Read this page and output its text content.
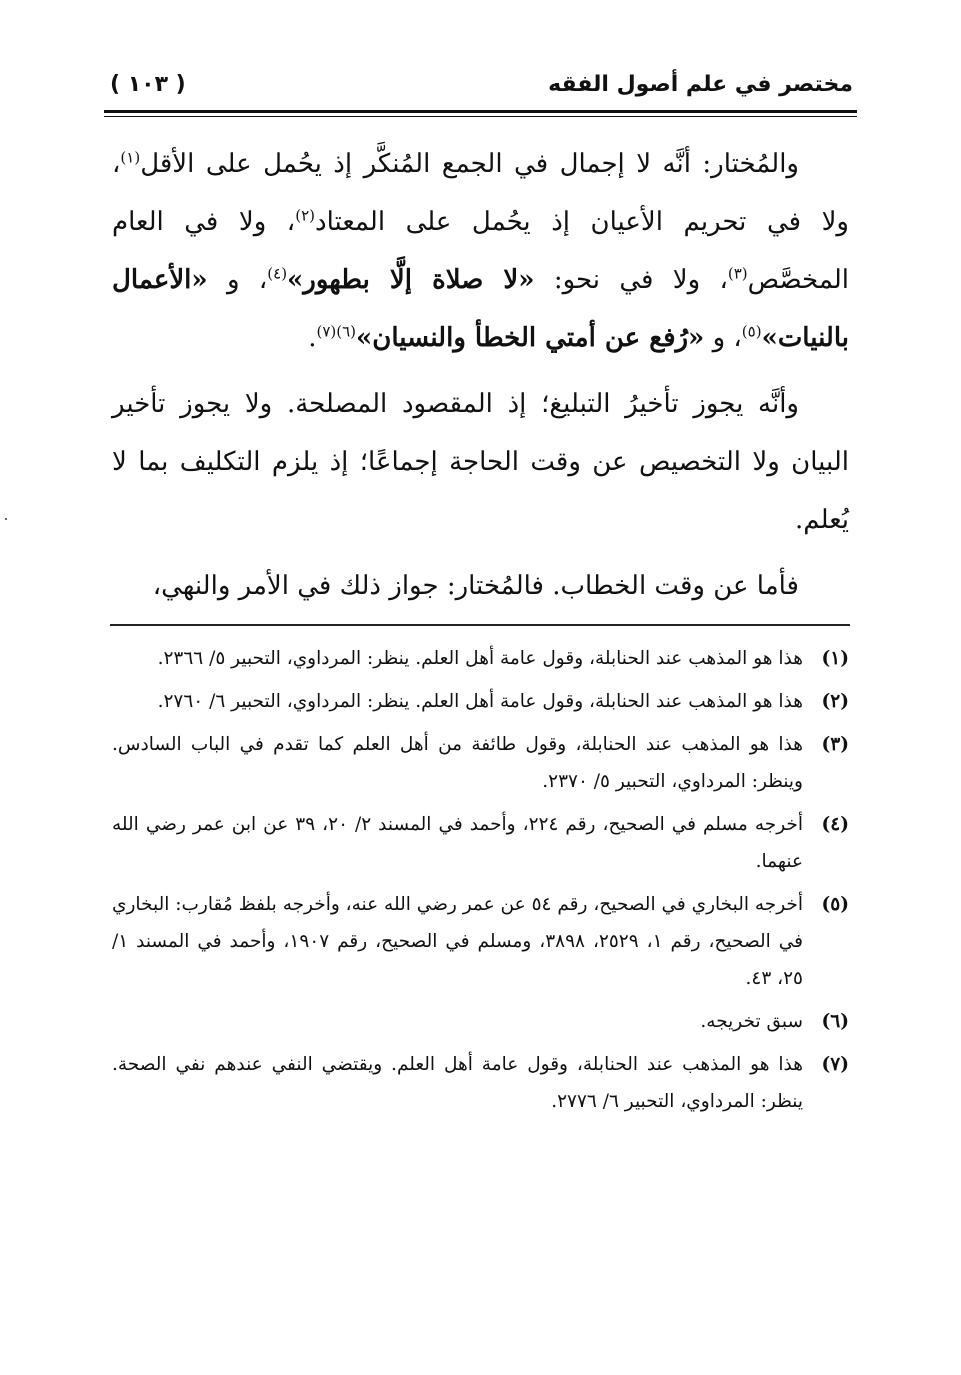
مختصر في علم أصول الفقه
( ١٠٣ )

والمُختار: أنَّه لا إجمال في الجمع المُنكَّر إذ يحُمل على الأقل$^{(١)}$، ولا في تحريم الأعيان إذ يحُمل على المعتاد$^{(٢)}$، ولا في العام المخصَّص$^{(٣)}$، ولا في نحو: «لا صلاة إلَّا بطهور»$^{(٤)}$، و «الأعمال بالنيات»$^{(٥)}$، و «رُفع عن أمتي الخطأ والنسيان»$^{(٦)(٧)}$.

وأنَّه يجوز تأخيرُ التبليغ؛ إذ المقصود المصلحة. ولا يجوز تأخير البيان ولا التخصيص عن وقت الحاجة إجماعًا؛ إذ يلزم التكليف بما لا يُعلم.

فأما عن وقت الخطاب. فالمُختار: جواز ذلك في الأمر والنهي،

(١)
هذا هو المذهب عند الحنابلة، وقول عامة أهل العلم. ينظر: المرداوي، التحبير ٥/ ٢٣٦٦.
(٢)
هذا هو المذهب عند الحنابلة، وقول عامة أهل العلم. ينظر: المرداوي، التحبير ٦/ ٢٧٦٠.
(٣)
هذا هو المذهب عند الحنابلة، وقول طائفة من أهل العلم كما تقدم في الباب السادس. وينظر: المرداوي، التحبير ٥/ ٢٣٧٠.
(٤)
أخرجه مسلم في الصحيح، رقم ٢٢٤، وأحمد في المسند ٢/ ٢٠، ٣٩ عن ابن عمر رضي الله عنهما.
(٥)
أخرجه البخاري في الصحيح، رقم ٥٤ عن عمر رضي الله عنه، وأخرجه بلفظ مُقارب: البخاري في الصحيح، رقم ١، ٢٥٢٩، ٣٨٩٨، ومسلم في الصحيح، رقم ١٩٠٧، وأحمد في المسند ١/ ٢٥، ٤٣.
(٦)
سبق تخريجه.
(٧)
هذا هو المذهب عند الحنابلة، وقول عامة أهل العلم. ويقتضي النفي عندهم نفي الصحة. ينظر: المرداوي، التحبير ٦/ ٢٧٧٦.
